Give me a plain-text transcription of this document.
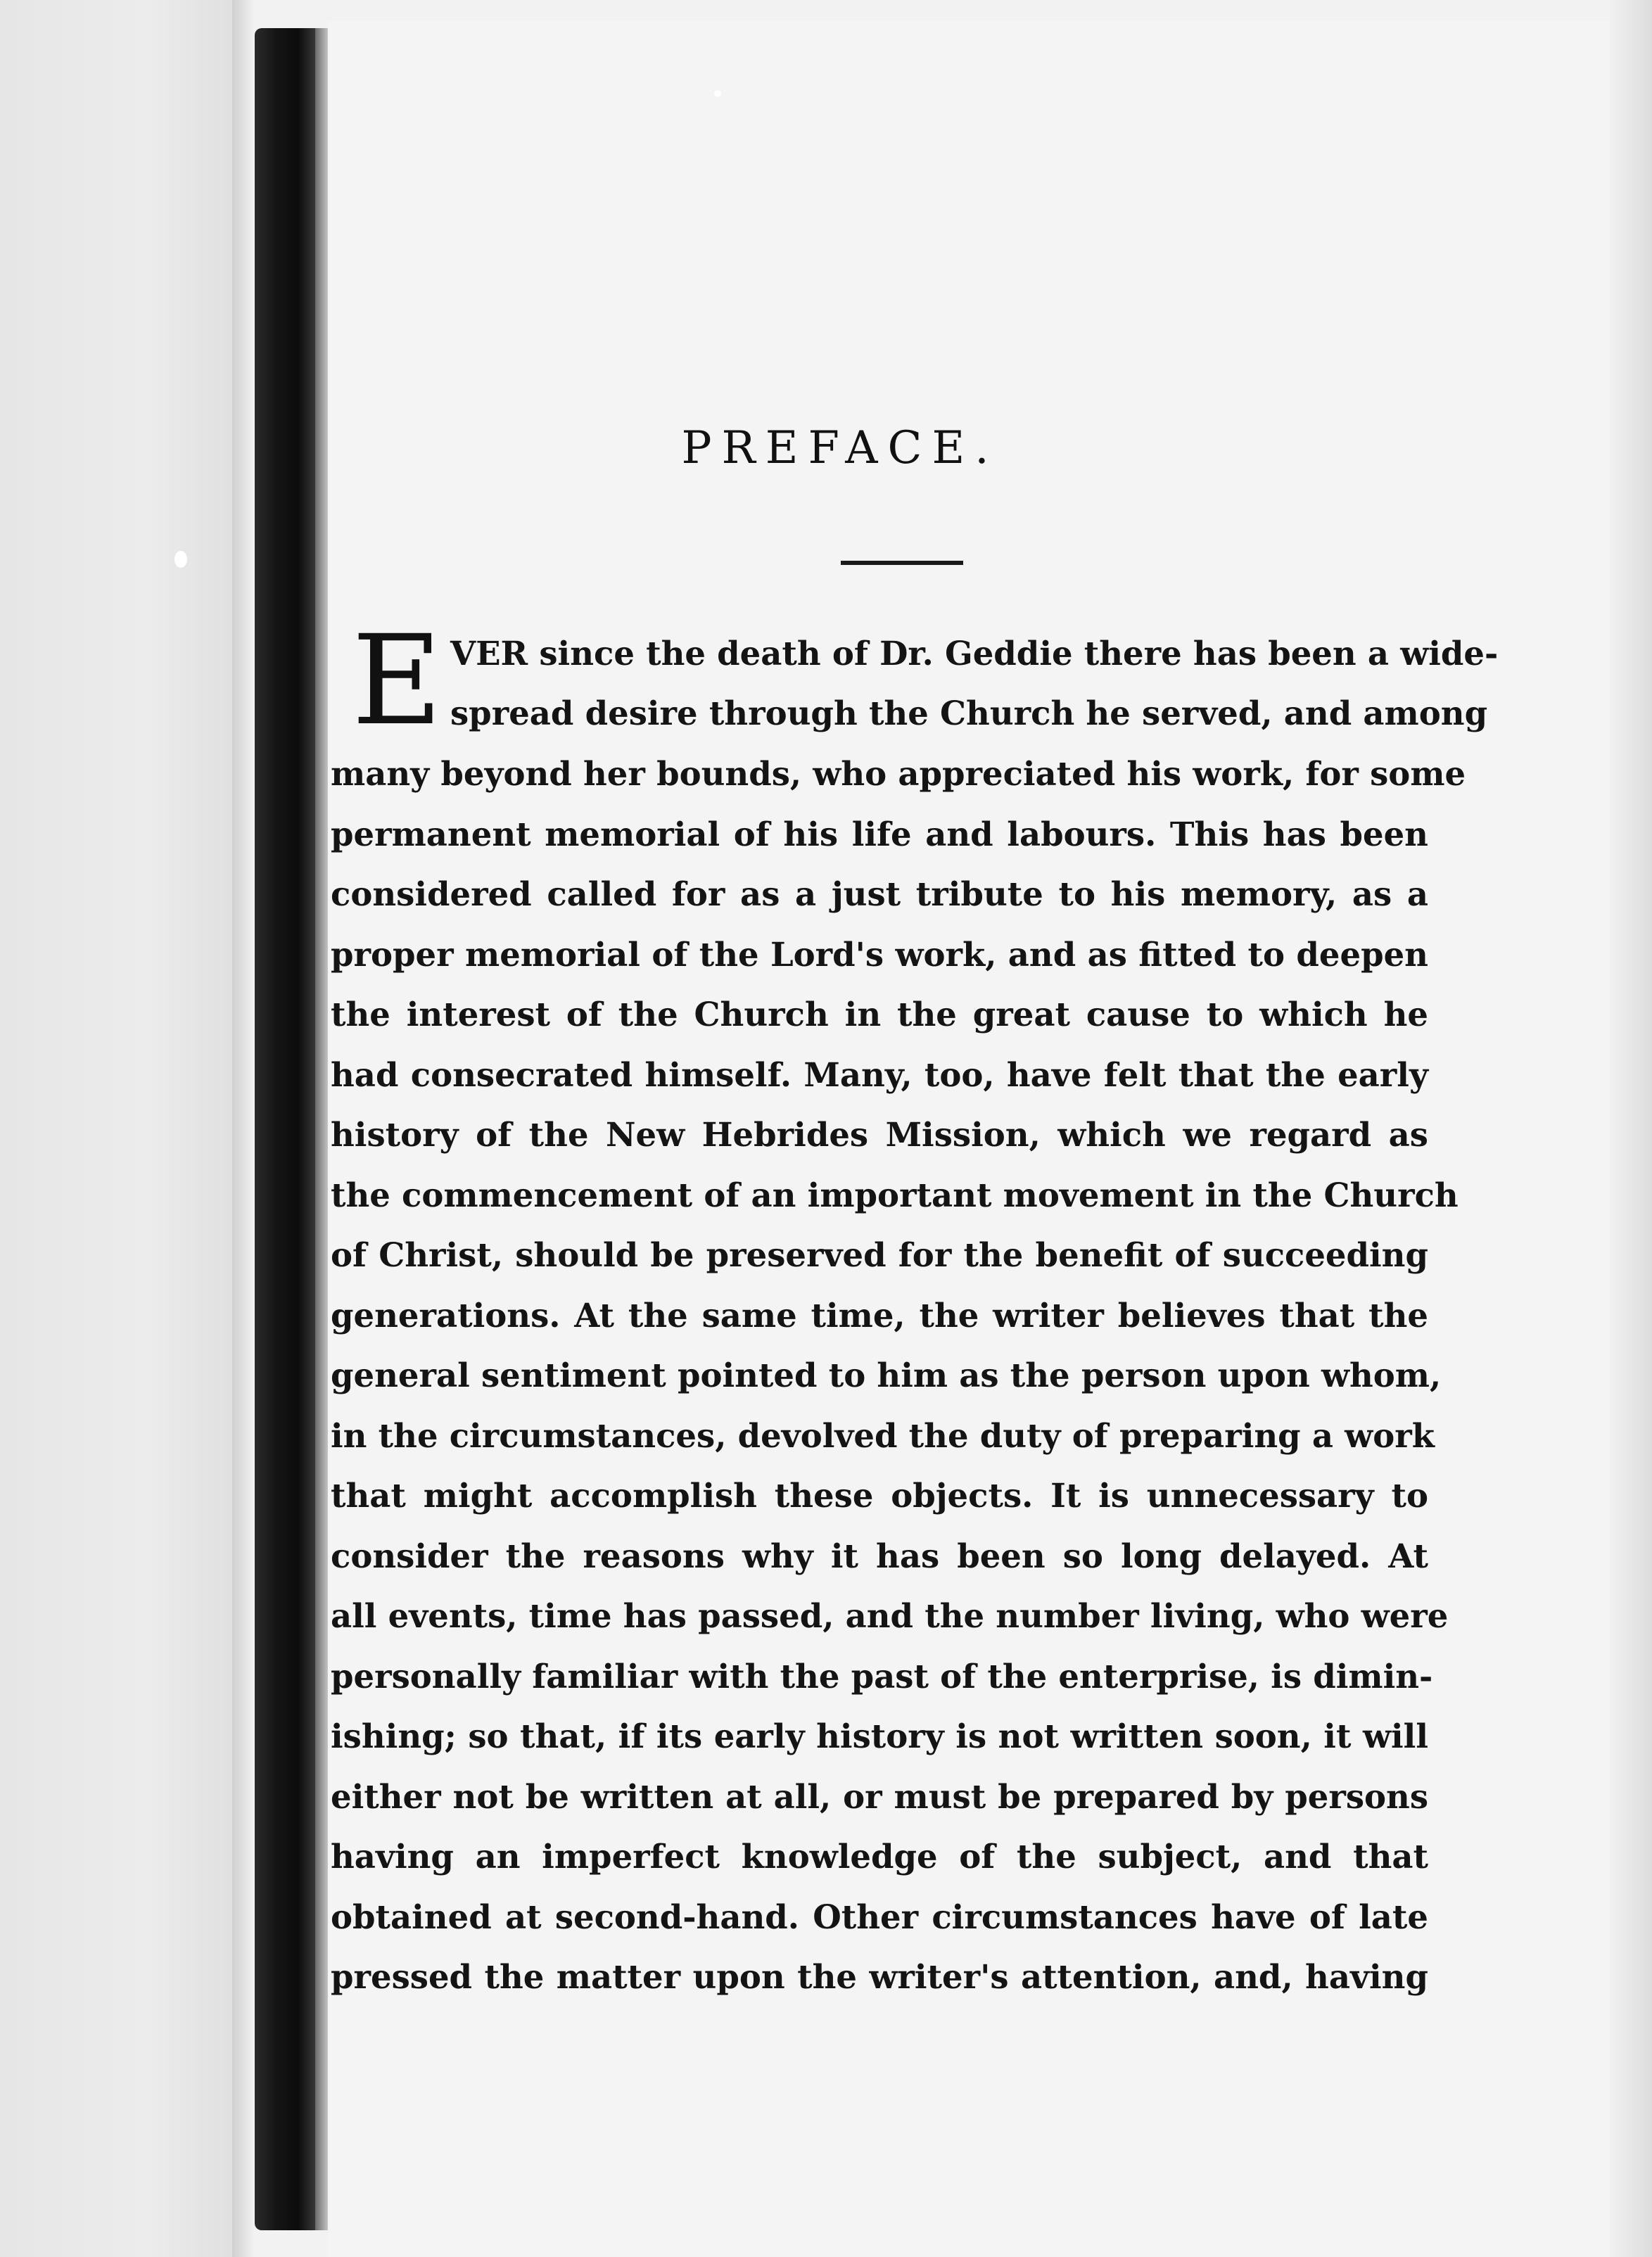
PREFACE.
E VER since the death of Dr. Geddie there has been a wide-
spread desire through the Church he served, and among
many beyond her bounds, who appreciated his work, for some
permanent memorial of his life and labours. This has been
considered called for as a just tribute to his memory, as a
proper memorial of the Lord's work, and as fitted to deepen
the interest of the Church in the great cause to which he
had consecrated himself. Many, too, have felt that the early
history of the New Hebrides Mission, which we regard as
the commencement of an important movement in the Church
of Christ, should be preserved for the benefit of succeeding
generations. At the same time, the writer believes that the
general sentiment pointed to him as the person upon whom,
in the circumstances, devolved the duty of preparing a work
that might accomplish these objects. It is unnecessary to
consider the reasons why it has been so long delayed. At
all events, time has passed, and the number living, who were
personally familiar with the past of the enterprise, is dimin-
ishing; so that, if its early history is not written soon, it will
either not be written at all, or must be prepared by persons
having an imperfect knowledge of the subject, and that
obtained at second-hand. Other circumstances have of late
pressed the matter upon the writer's attention, and, having
